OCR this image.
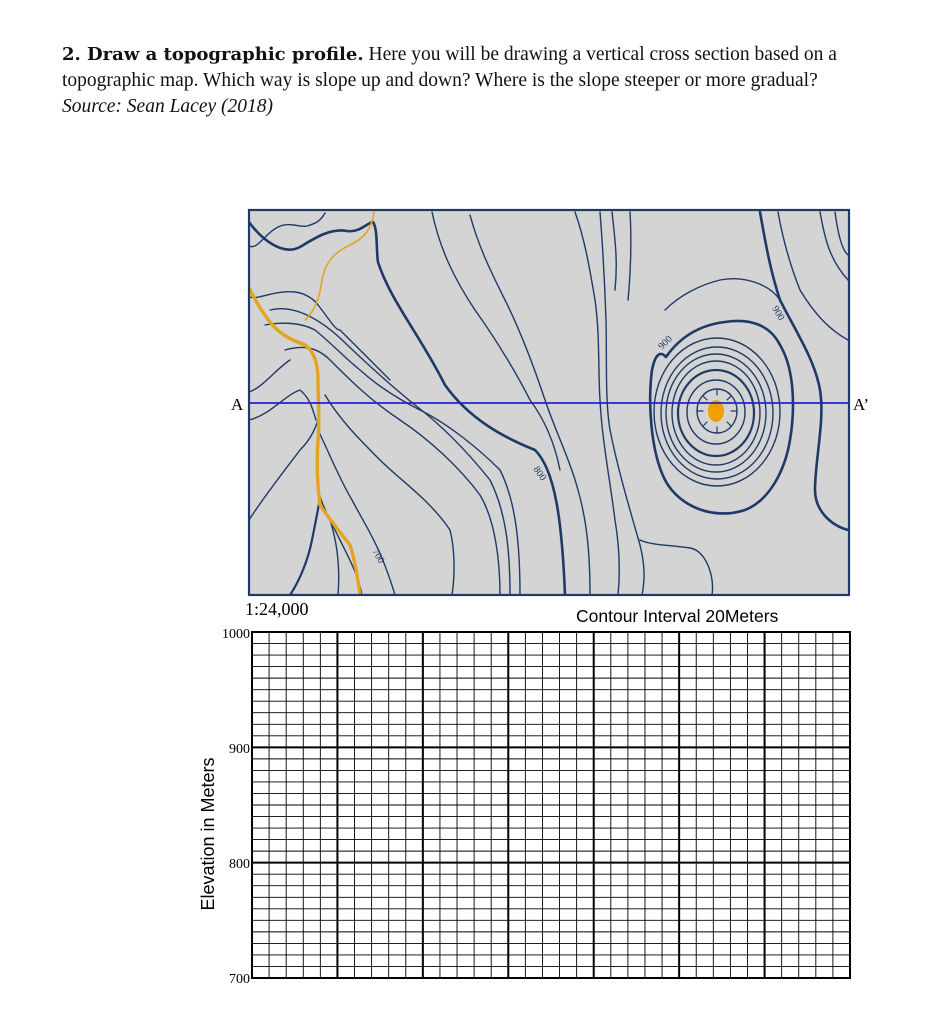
2. Draw a topographic profile. Here you will be drawing a vertical cross section based on a topographic map. Which way is slope up and down? Where is the slope steeper or more gradual? Source: Sean Lacey (2018)
A	A’
900
900
800
700
1:24,000	Contour Interval 20Meters
1000
900
800
700
Elevation in Meters
